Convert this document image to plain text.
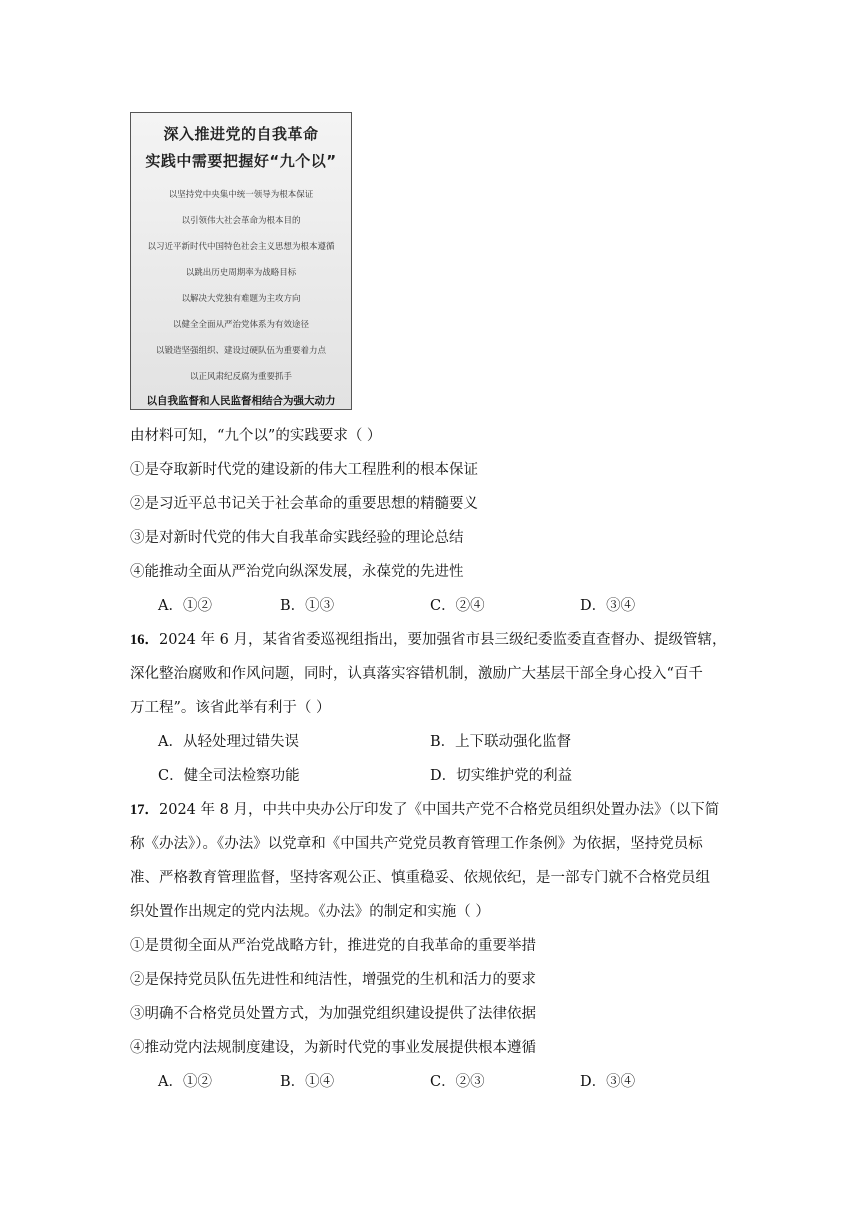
深入推进党的自我革命
实践中需要把握好“九个以”
以坚持党中央集中统一领导为根本保证
以引领伟大社会革命为根本目的
以习近平新时代中国特色社会主义思想为根本遵循
以跳出历史周期率为战略目标
以解决大党独有难题为主攻方向
以健全全面从严治党体系为有效途径
以锻造坚强组织、建设过硬队伍为重要着力点
以正风肃纪反腐为重要抓手
以自我监督和人民监督相结合为强大动力
由材料可知，“九个以”的实践要求（ ）
①是夺取新时代党的建设新的伟大工程胜利的根本保证
②是习近平总书记关于社会革命的重要思想的精髓要义
③是对新时代党的伟大自我革命实践经验的理论总结
④能推动全面从严治党向纵深发展，永葆党的先进性
A．①②	B．①③	C．②④	D．③④
16．2024 年 6 月，某省省委巡视组指出，要加强省市县三级纪委监委直查督办、提级管辖，
深化整治腐败和作风问题，同时，认真落实容错机制，激励广大基层干部全身心投入“百千
万工程”。该省此举有利于（ ）
A．从轻处理过错失误	B．上下联动强化监督
C．健全司法检察功能	D．切实维护党的利益
17．2024 年 8 月，中共中央办公厅印发了《中国共产党不合格党员组织处置办法》（以下简
称《办法》）。《办法》以党章和《中国共产党党员教育管理工作条例》为依据，坚持党员标
准、严格教育管理监督，坚持客观公正、慎重稳妥、依规依纪，是一部专门就不合格党员组
织处置作出规定的党内法规。《办法》的制定和实施（ ）
①是贯彻全面从严治党战略方针，推进党的自我革命的重要举措
②是保持党员队伍先进性和纯洁性，增强党的生机和活力的要求
③明确不合格党员处置方式，为加强党组织建设提供了法律依据
④推动党内法规制度建设，为新时代党的事业发展提供根本遵循
A．①②	B．①④	C．②③	D．③④
